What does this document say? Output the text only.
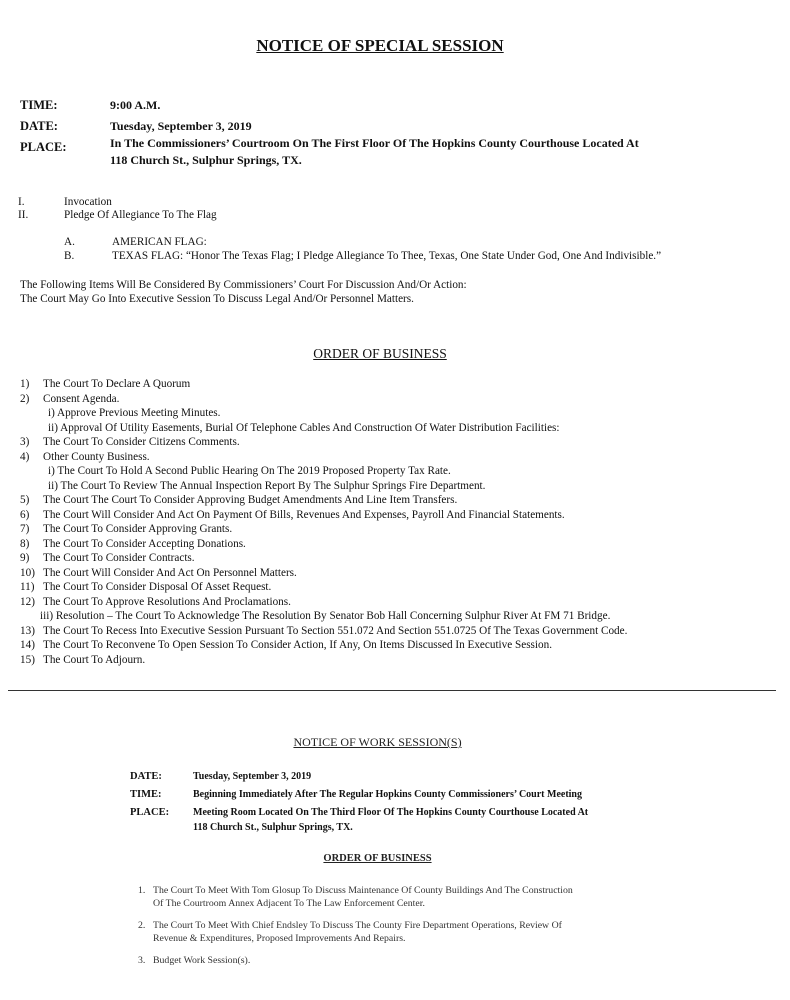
NOTICE OF SPECIAL SESSION
TIME:	9:00 A.M.
DATE:	Tuesday, September 3, 2019
PLACE:	In The Commissioners’ Courtroom On The First Floor Of The Hopkins County Courthouse Located At
118 Church St., Sulphur Springs, TX.
I.	Invocation
II.	Pledge Of Allegiance To The Flag
A.	AMERICAN FLAG:
B.	TEXAS FLAG: “Honor The Texas Flag; I Pledge Allegiance To Thee, Texas, One State Under God, One And Indivisible.”
The Following Items Will Be Considered By Commissioners’ Court For Discussion And/Or Action:
The Court May Go Into Executive Session To Discuss Legal And/Or Personnel Matters.
ORDER OF BUSINESS
1) The Court To Declare A Quorum
2) Consent Agenda.
i) Approve Previous Meeting Minutes.
ii) Approval Of Utility Easements, Burial Of Telephone Cables And Construction Of Water Distribution Facilities:
3) The Court To Consider Citizens Comments.
4) Other County Business.
i) The Court To Hold A Second Public Hearing On The 2019 Proposed Property Tax Rate.
ii) The Court To Review The Annual Inspection Report By The Sulphur Springs Fire Department.
5) The Court The Court To Consider Approving Budget Amendments And Line Item Transfers.
6) The Court Will Consider And Act On Payment Of Bills, Revenues And Expenses, Payroll And Financial Statements.
7) The Court To Consider Approving Grants.
8) The Court To Consider Accepting Donations.
9) The Court To Consider Contracts.
10) The Court Will Consider And Act On Personnel Matters.
11) The Court To Consider Disposal Of Asset Request.
12) The Court To Approve Resolutions And Proclamations.
iii) Resolution – The Court To Acknowledge The Resolution By Senator Bob Hall Concerning Sulphur River At FM 71 Bridge.
13) The Court To Recess Into Executive Session Pursuant To Section 551.072 And Section 551.0725 Of The Texas Government Code.
14) The Court To Reconvene To Open Session To Consider Action, If Any, On Items Discussed In Executive Session.
15) The Court To Adjourn.
NOTICE OF WORK SESSION(S)
DATE:	Tuesday, September 3, 2019
TIME:	Beginning Immediately After The Regular Hopkins County Commissioners’ Court Meeting
PLACE: Meeting Room Located On The Third Floor Of The Hopkins County Courthouse Located At
118 Church St., Sulphur Springs, TX.
ORDER OF BUSINESS
1. The Court To Meet With Tom Glosup To Discuss Maintenance Of County Buildings And The Construction
Of The Courtroom Annex Adjacent To The Law Enforcement Center.
2. The Court To Meet With Chief Endsley To Discuss The County Fire Department Operations, Review Of
Revenue & Expenditures, Proposed Improvements And Repairs.
3. Budget Work Session(s).
